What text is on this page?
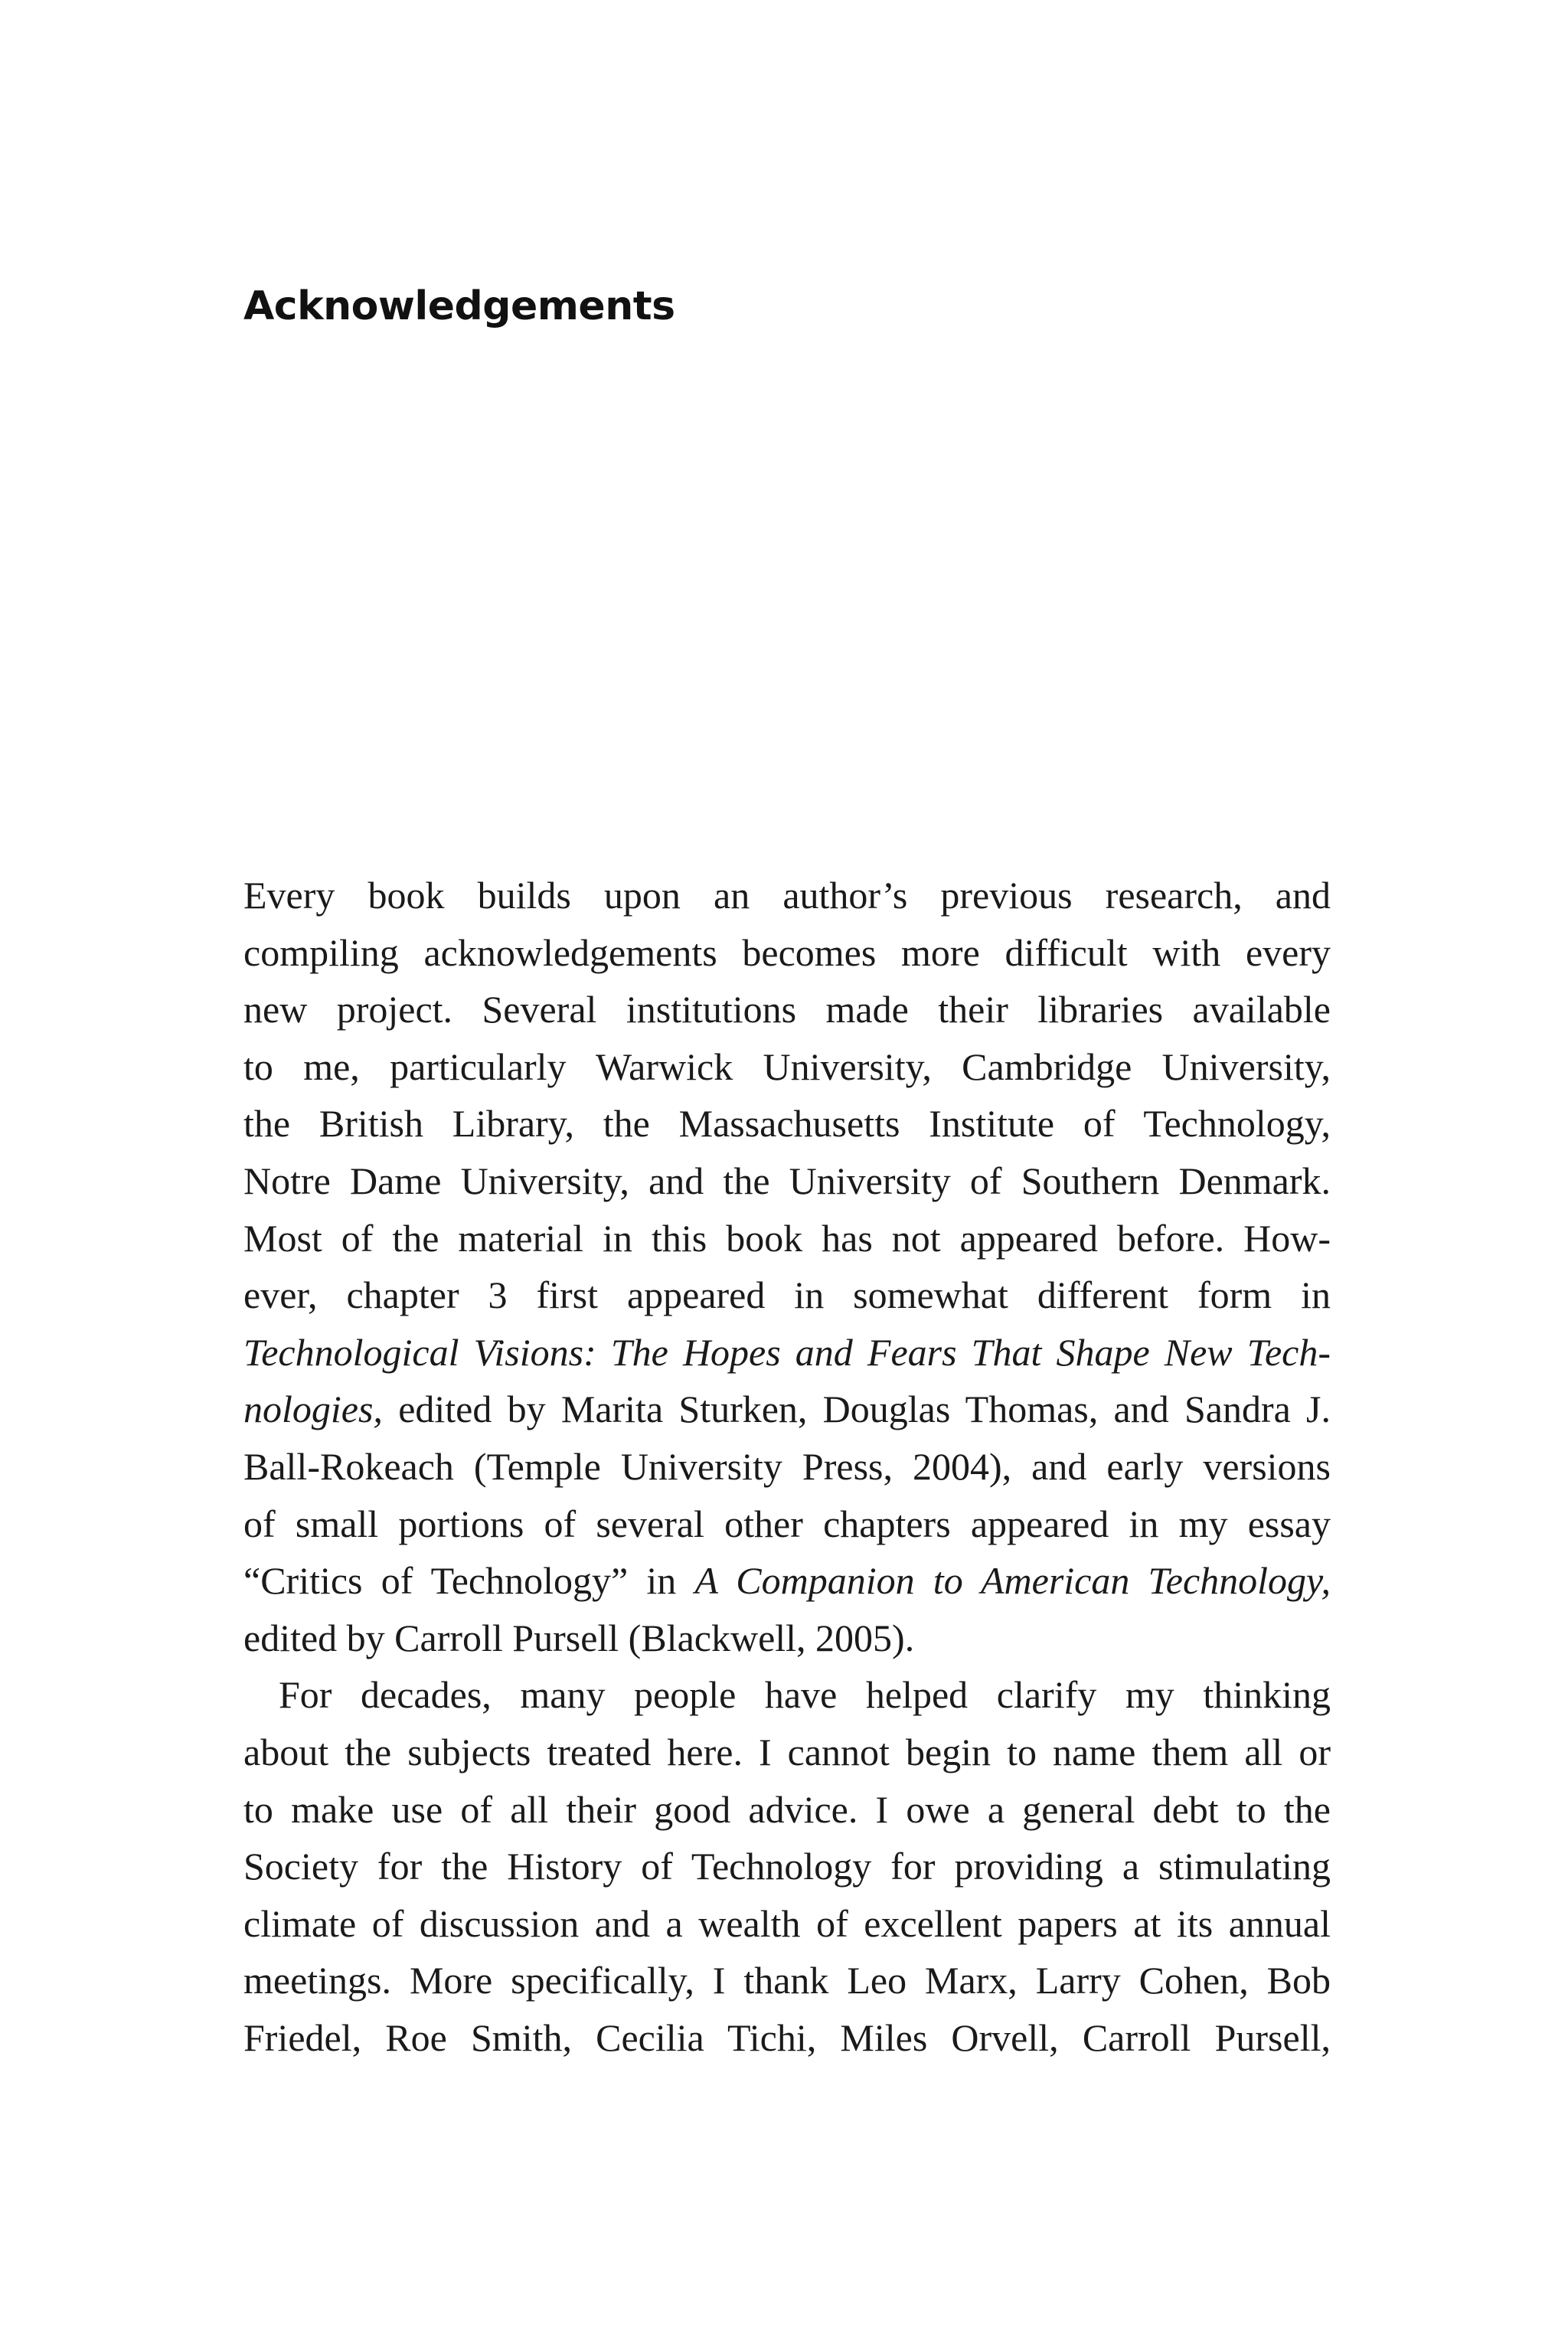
Acknowledgements

Every book builds upon an author’s previous research, and
compiling acknowledgements becomes more difficult with every
new project. Several institutions made their libraries available
to me, particularly Warwick University, Cambridge University,
the British Library, the Massachusetts Institute of Technology,
Notre Dame University, and the University of Southern Denmark.
Most of the material in this book has not appeared before. How-
ever, chapter 3 first appeared in somewhat different form in
Technological Visions: The Hopes and Fears That Shape New Tech-
nologies, edited by Marita Sturken, Douglas Thomas, and Sandra J.
Ball-Rokeach (Temple University Press, 2004), and early versions
of small portions of several other chapters appeared in my essay
“Critics of Technology” in A Companion to American Technology,
edited by Carroll Pursell (Blackwell, 2005).

For decades, many people have helped clarify my thinking
about the subjects treated here. I cannot begin to name them all or
to make use of all their good advice. I owe a general debt to the
Society for the History of Technology for providing a stimulating
climate of discussion and a wealth of excellent papers at its annual
meetings. More specifically, I thank Leo Marx, Larry Cohen, Bob
Friedel, Roe Smith, Cecilia Tichi, Miles Orvell, Carroll Pursell,
